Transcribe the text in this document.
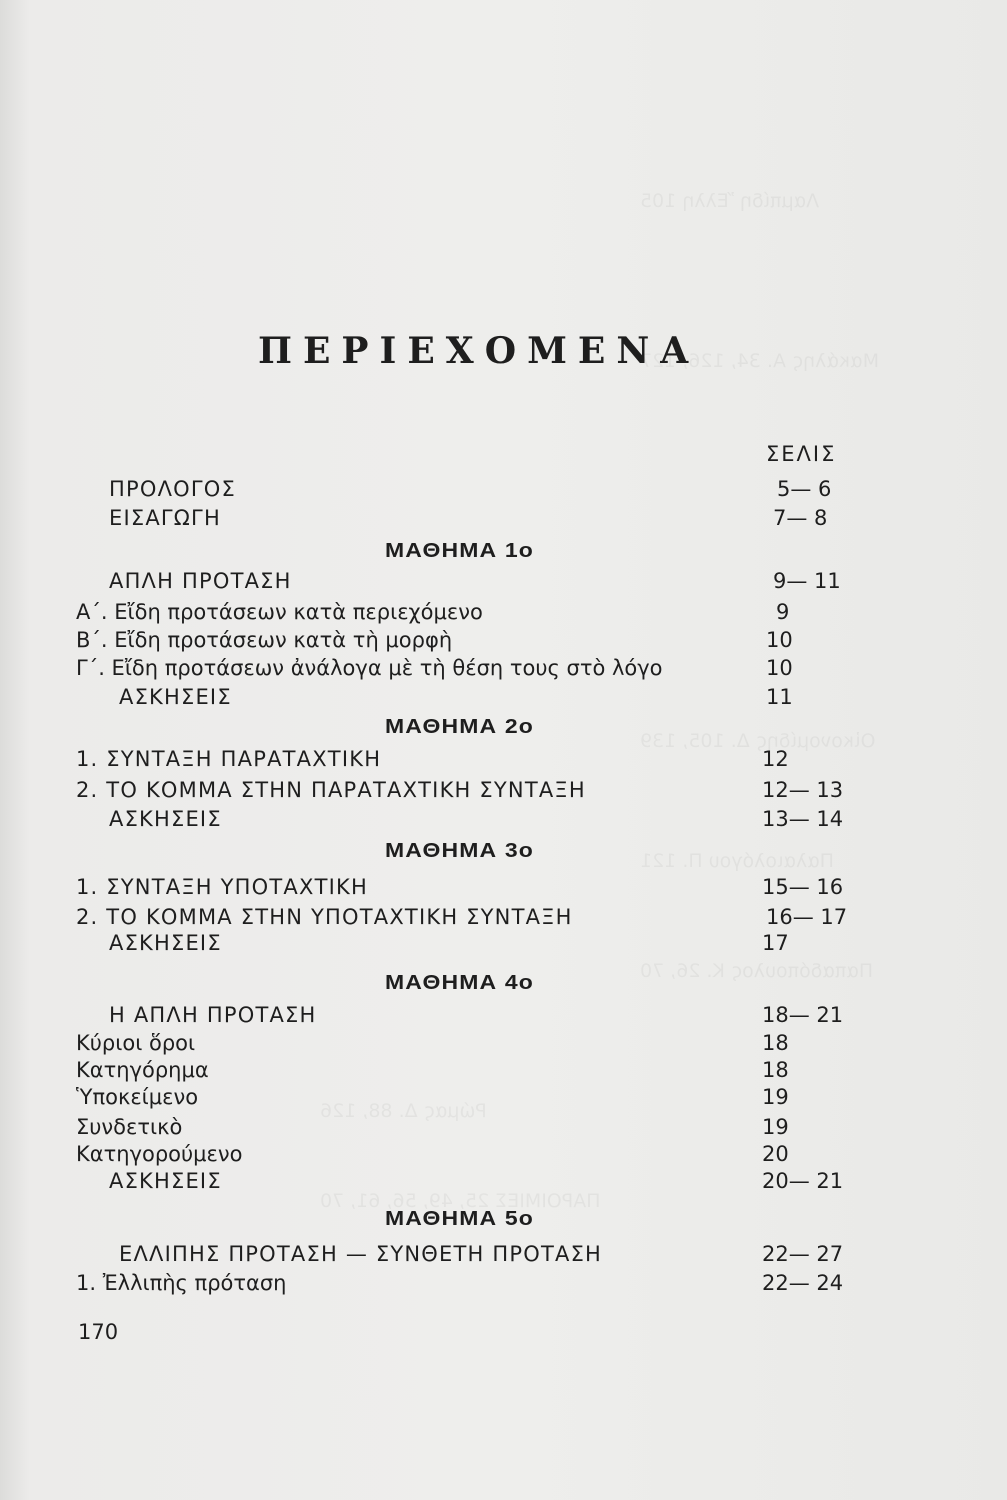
ΠΕΡΙΕΧΟΜΕΝΑ
ΣΕΛΙΣ
ΠΡΟΛΟΓΟΣ	5— 6
ΕΙΣΑΓΩΓΗ	7— 8
ΜΑΘΗΜΑ 1ο
ΑΠΛΗ ΠΡΟΤΑΣΗ	9— 11
Α΄. Εἴδη προτάσεων κατὰ περιεχόμενο	9
Β΄. Εἴδη προτάσεων κατὰ τὴ μορφὴ	10
Γ΄. Εἴδη προτάσεων ἀνάλογα μὲ τὴ θέση τους στὸ λόγο	10
ΑΣΚΗΣΕΙΣ	11
ΜΑΘΗΜΑ 2ο
1. ΣΥΝΤΑΞΗ ΠΑΡΑΤΑΧΤΙΚΗ	12
2. ΤΟ ΚΟΜΜΑ ΣΤΗΝ ΠΑΡΑΤΑΧΤΙΚΗ ΣΥΝΤΑΞΗ	12— 13
ΑΣΚΗΣΕΙΣ	13— 14
ΜΑΘΗΜΑ 3ο
1. ΣΥΝΤΑΞΗ ΥΠΟΤΑΧΤΙΚΗ	15— 16
2. ΤΟ ΚΟΜΜΑ ΣΤΗΝ ΥΠΟΤΑΧΤΙΚΗ ΣΥΝΤΑΞΗ	16— 17
ΑΣΚΗΣΕΙΣ	17
ΜΑΘΗΜΑ 4ο
Η ΑΠΛΗ ΠΡΟΤΑΣΗ	18— 21
Κύριοι ὅροι	18
Κατηγόρημα	18
Ὑποκείμενο	19
Συνδετικὸ	19
Κατηγορούμενο	20
ΑΣΚΗΣΕΙΣ	20— 21
ΜΑΘΗΜΑ 5ο
ΕΛΛΙΠΗΣ ΠΡΟΤΑΣΗ — ΣΥΝΘΕΤΗ ΠΡΟΤΑΣΗ	22— 27
1. Ἐλλιπὴς πρόταση	22— 24
170
